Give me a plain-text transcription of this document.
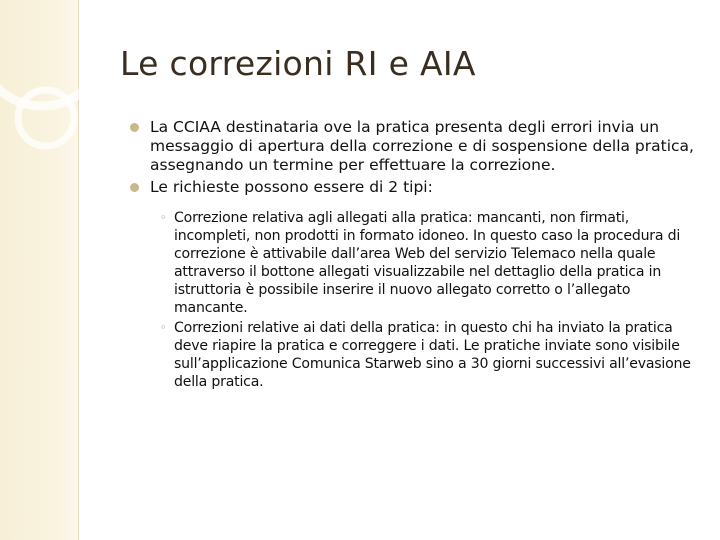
Le correzioni RI e AIA
La CCIAA destinataria ove la pratica presenta degli errori invia un messaggio di apertura della correzione e di sospensione della pratica, assegnando un termine per effettuare la correzione.
Le richieste possono essere di 2 tipi:
◦ Correzione relativa agli allegati alla pratica: mancanti, non firmati, incompleti, non prodotti in formato idoneo. In questo caso la procedura di correzione è attivabile dall’area Web del servizio Telemaco nella quale attraverso il bottone allegati visualizzabile nel dettaglio della pratica in istruttoria è possibile inserire il nuovo allegato corretto o l’allegato mancante.
◦ Correzioni relative ai dati della pratica: in questo chi ha inviato la pratica deve riapire la pratica e correggere i dati. Le pratiche inviate sono visibile sull’applicazione Comunica Starweb sino a 30 giorni successivi all’evasione della pratica.
